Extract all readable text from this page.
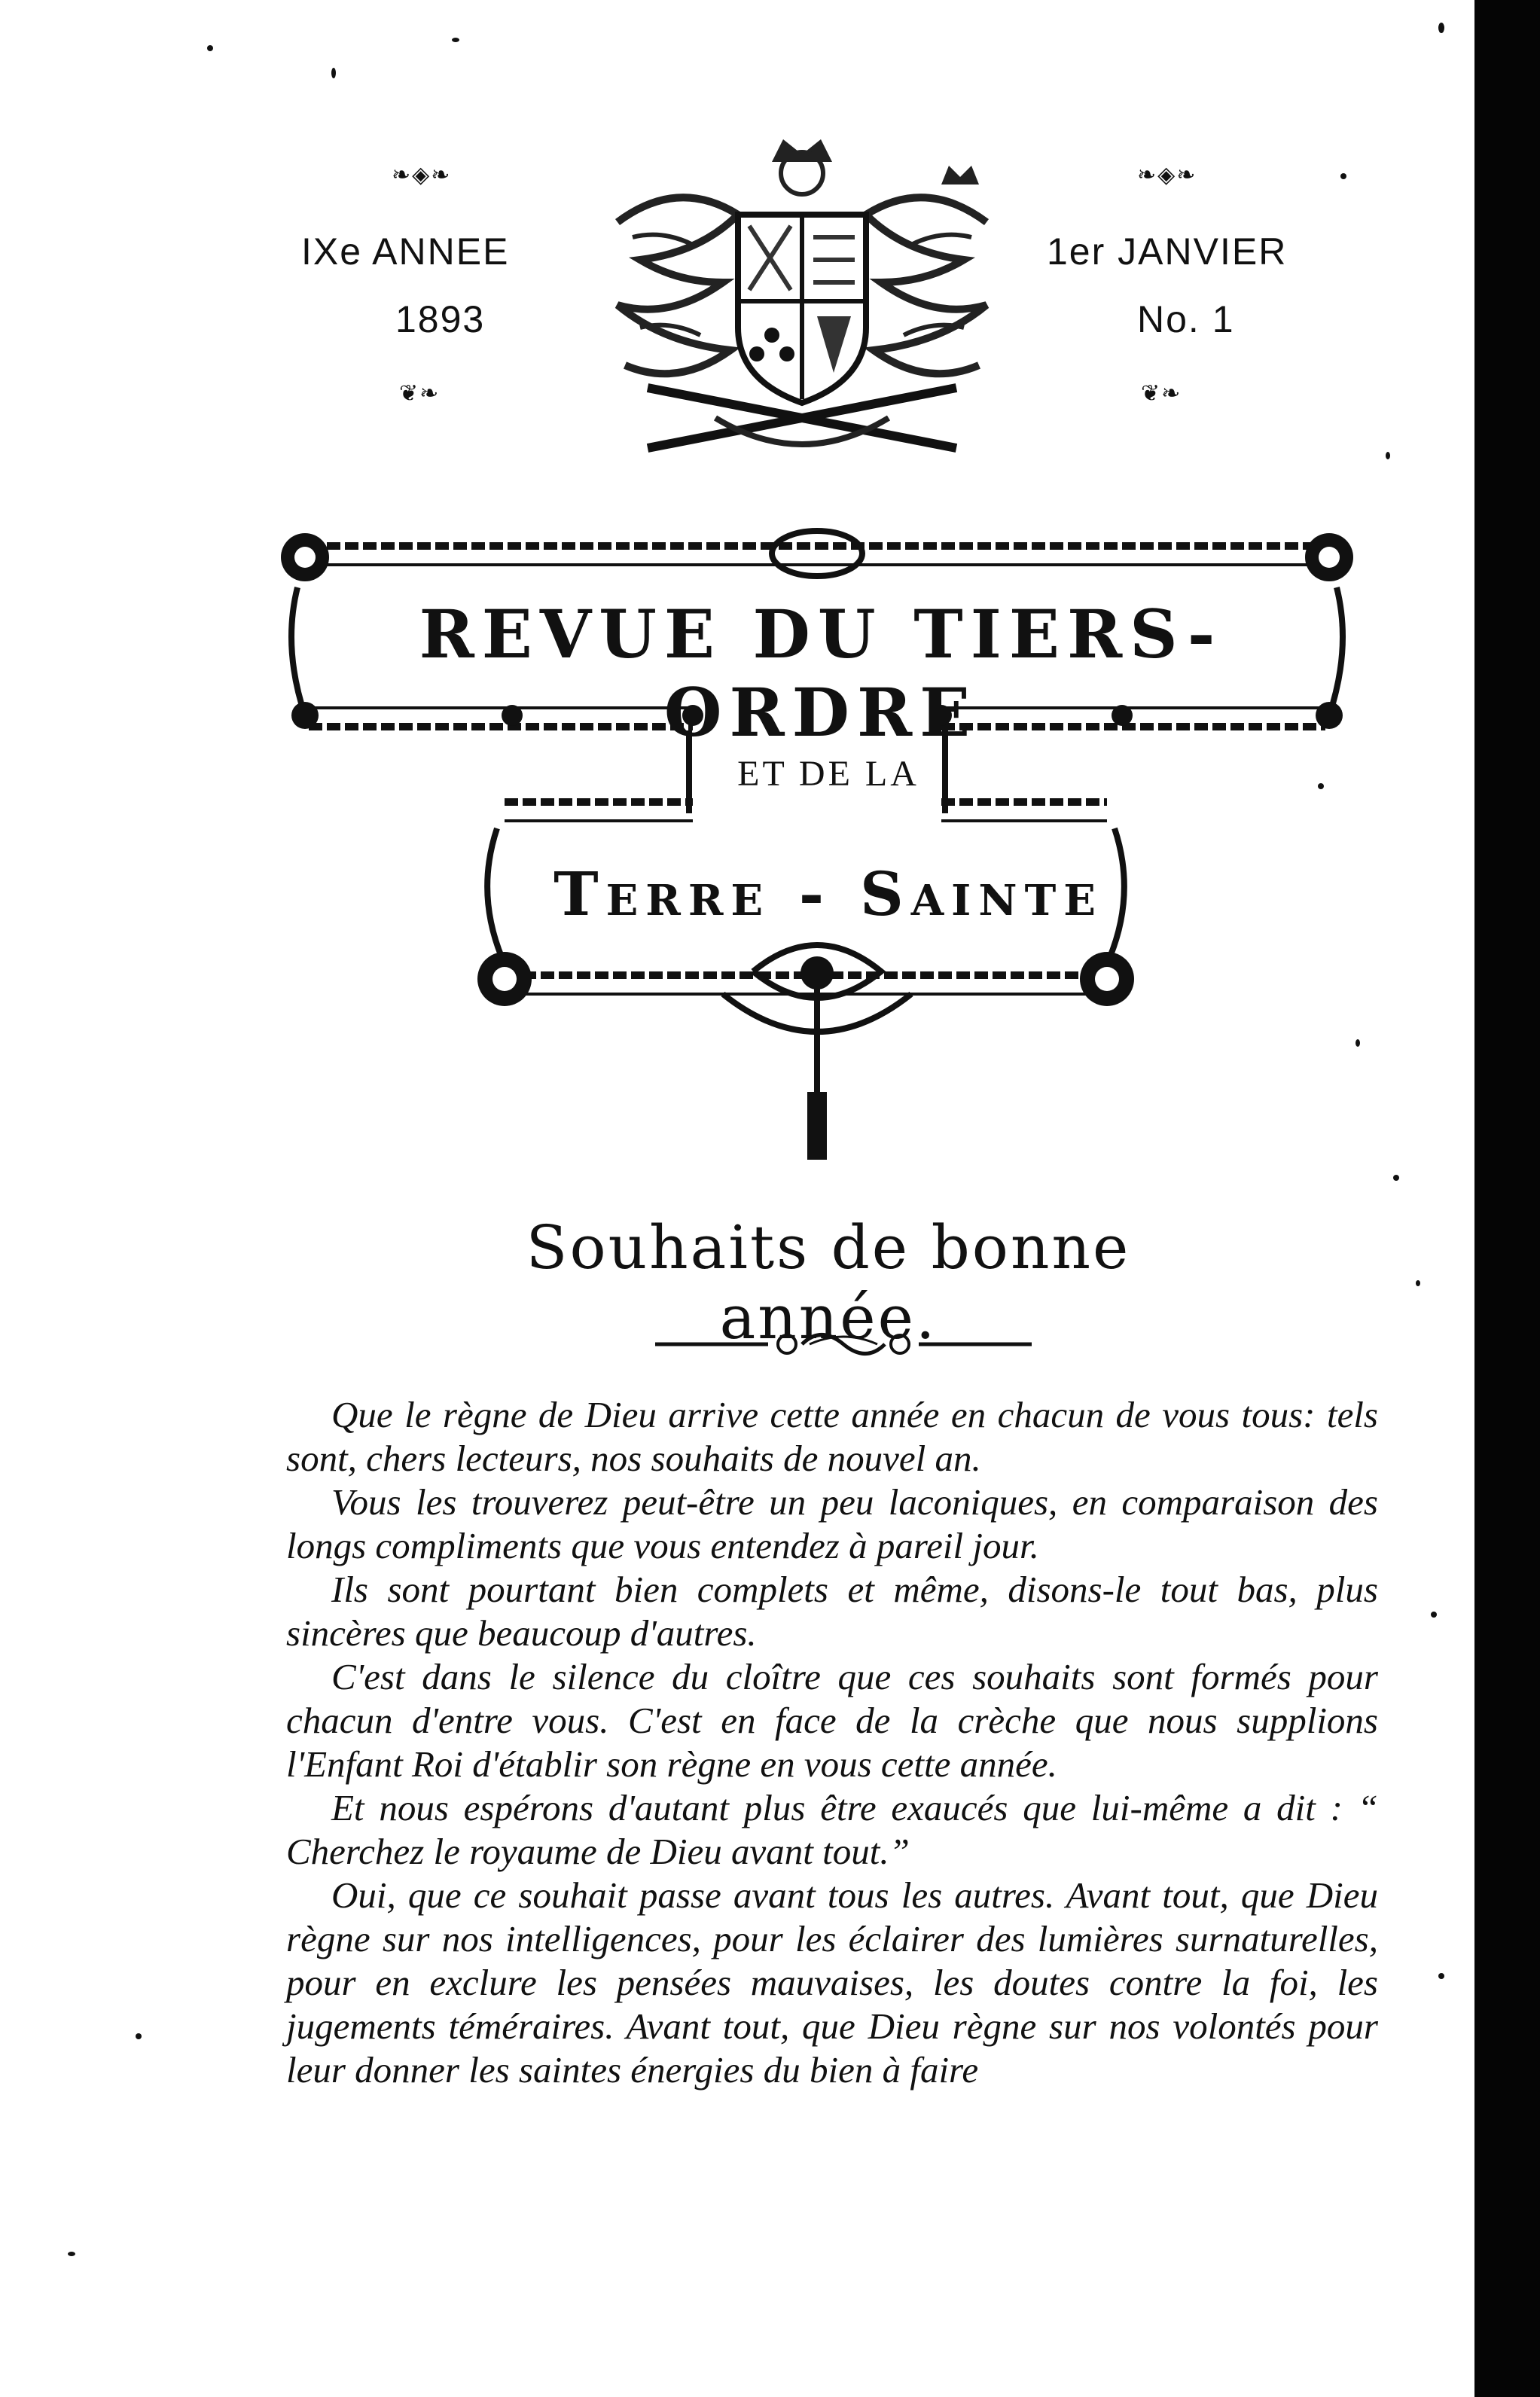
❧◈❧
IXe ANNEE
1893
❦❧
❧◈❧
1er JANVIER
No. 1
❦❧
REVUE DU TIERS-ORDRE
ET DE LA
Terre - Sainte
Souhaits de bonne année.

Que le règne de Dieu arrive cette année en chacun de vous tous: tels sont, chers lecteurs, nos souhaits de nouvel an.

Vous les trouverez peut-être un peu laconiques, en comparaison des longs compliments que vous entendez à pareil jour.

Ils sont pourtant bien complets et même, disons-le tout bas, plus sincères que beaucoup d'autres.

C'est dans le silence du cloître que ces souhaits sont formés pour chacun d'entre vous. C'est en face de la crèche que nous supplions l'Enfant Roi d'établir son règne en vous cette année.

Et nous espérons d'autant plus être exaucés que lui-même a dit : “ Cherchez le royaume de Dieu avant tout.”

Oui, que ce souhait passe avant tous les autres. Avant tout, que Dieu règne sur nos intelligences, pour les éclairer des lumières surnaturelles, pour en exclure les pensées mauvaises, les doutes contre la foi, les jugements téméraires. Avant tout, que Dieu règne sur nos volontés pour leur donner les saintes énergies du bien à faire
